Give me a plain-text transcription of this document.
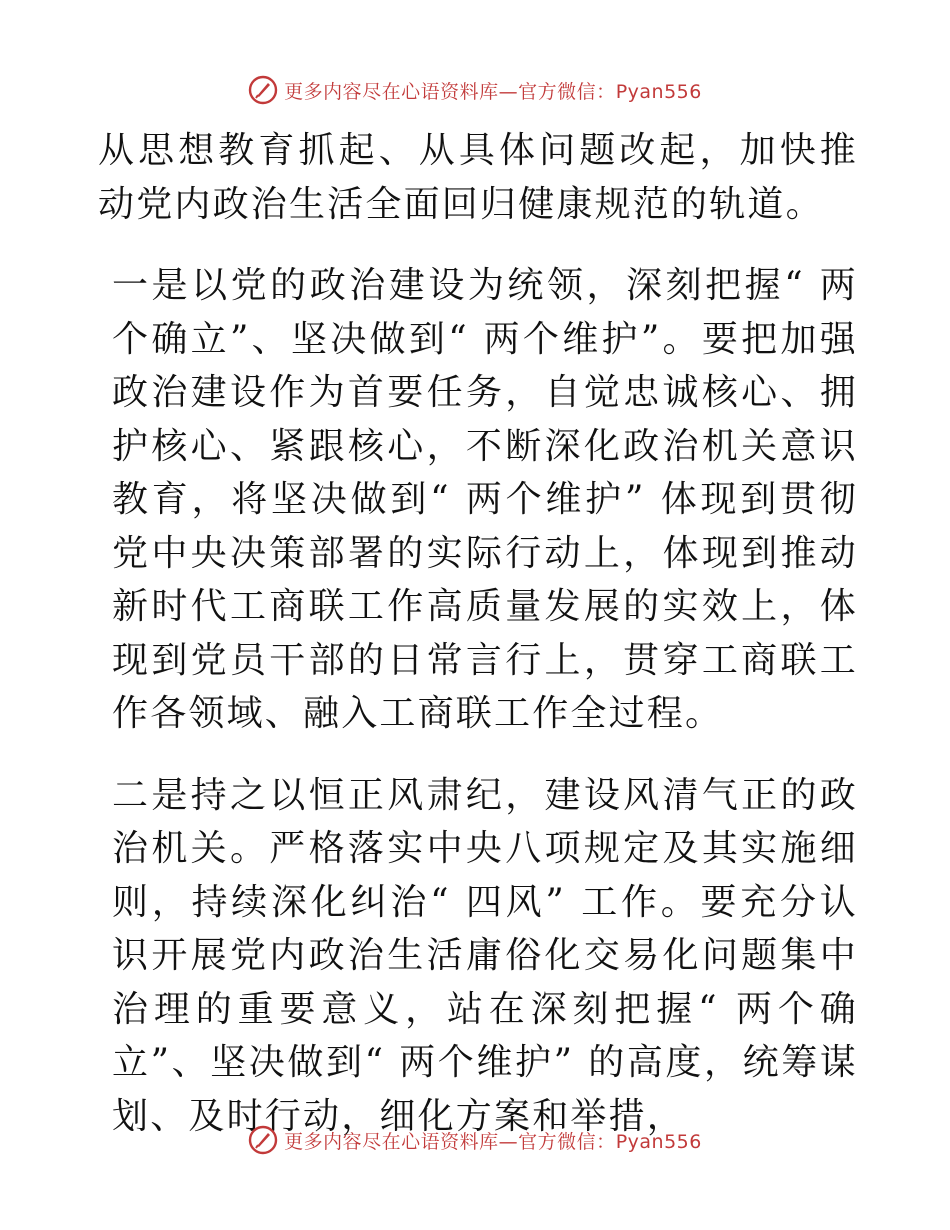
更多内容尽在心语资料库—官方微信：Pyan556

从思想教育抓起、从具体问题改起，加快推动党内政治生活全面回归健康规范的轨道。

一是以党的政治建设为统领，深刻把握“ 两个确立”、坚决做到“ 两个维护”。要把加强政治建设作为首要任务，自觉忠诚核心、拥护核心、紧跟核心，不断深化政治机关意识教育，将坚决做到“ 两个维护” 体现到贯彻党中央决策部署的实际行动上，体现到推动新时代工商联工作高质量发展的实效上，体现到党员干部的日常言行上，贯穿工商联工作各领域、融入工商联工作全过程。

二是持之以恒正风肃纪，建设风清气正的政治机关。严格落实中央八项规定及其实施细则，持续深化纠治“ 四风” 工作。要充分认识开展党内政治生活庸俗化交易化问题集中治理的重要意义，站在深刻把握“ 两个确立”、坚决做到“ 两个维护” 的高度，统筹谋划、及时行动，细化方案和举措，

更多内容尽在心语资料库—官方微信：Pyan556
